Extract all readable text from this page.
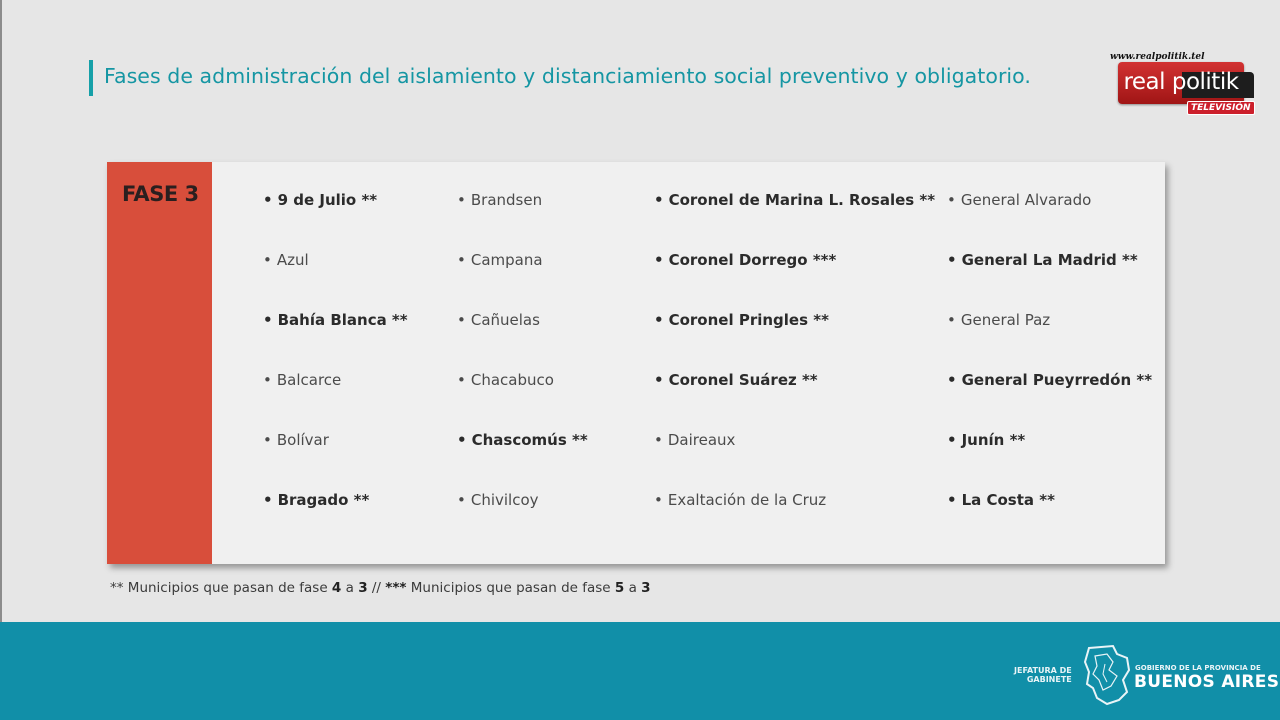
Fases de administración del aislamiento y distanciamiento social preventivo y obligatorio.
www.realpolitik.tel
real politik
TELEVISIÓN
FASE 3	• 9 de Julio **
• Azul
• Bahía Blanca **
• Balcarce
• Bolívar
• Bragado **
• Brandsen
• Campana
• Cañuelas
• Chacabuco
• Chascomús **
• Chivilcoy
• Coronel de Marina L. Rosales **
• Coronel Dorrego ***
• Coronel Pringles **
• Coronel Suárez **
• Daireaux
• Exaltación de la Cruz
• General Alvarado
• General La Madrid **
• General Paz
• General Pueyrredón **
• Junín **
• La Costa **
** Municipios que pasan de fase 4 a 3 // *** Municipios que pasan de fase 5 a 3
JEFATURA DE
GABINETE
GOBIERNO DE LA PROVINCIA DE
BUENOS AIRES
